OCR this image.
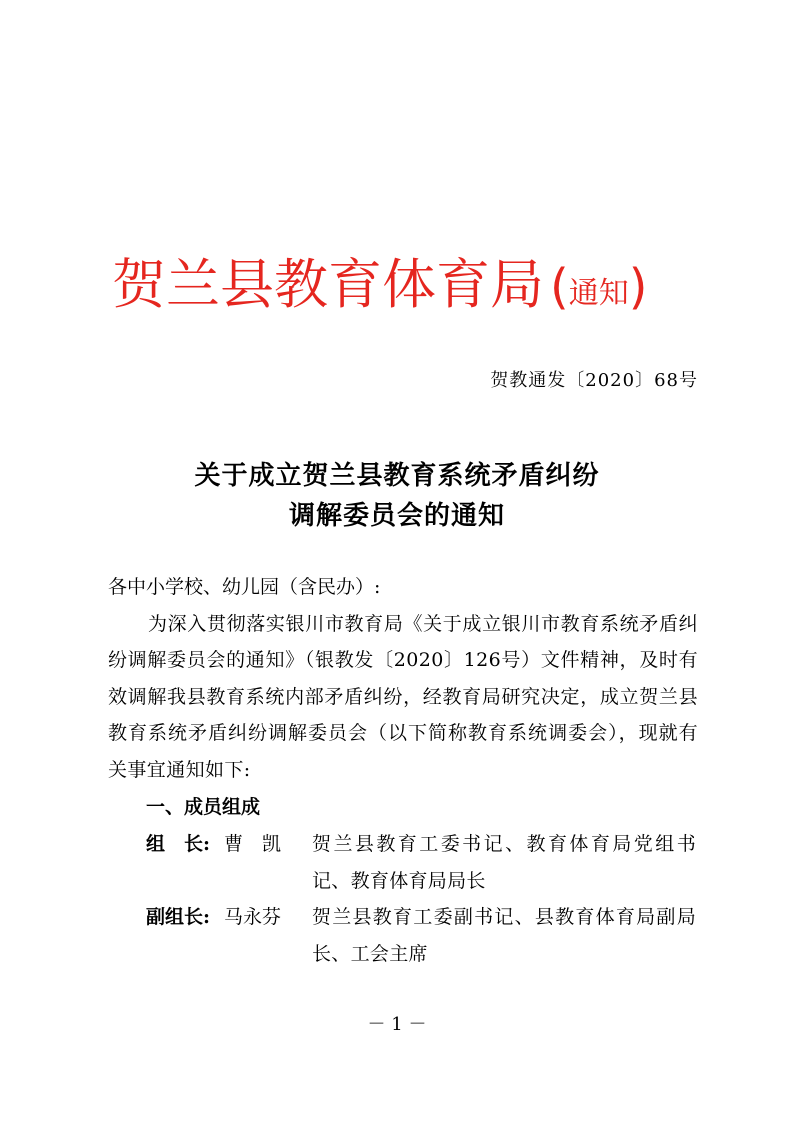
贺兰县教育体育局 ( 通知 )
贺教通发〔2020〕68号
关于成立贺兰县教育系统矛盾纠纷
调解委员会的通知
各中小学校、幼儿园（含民办）:
为深入贯彻落实银川市教育局《关于成立银川市教育系统矛盾纠纷调解委员会的通知》（银教发〔2020〕126号）文件精神，及时有效调解我县教育系统内部矛盾纠纷，经教育局研究决定，成立贺兰县教育系统矛盾纠纷调解委员会（以下简称教育系统调委会），现就有关事宜通知如下:
一、成员组成
组　长: 曹　凯	贺兰县教育工委书记、教育体育局党组书记、教育体育局局长
副组长: 马永芬	贺兰县教育工委副书记、县教育体育局副局长、工会主席
－ 1 －
